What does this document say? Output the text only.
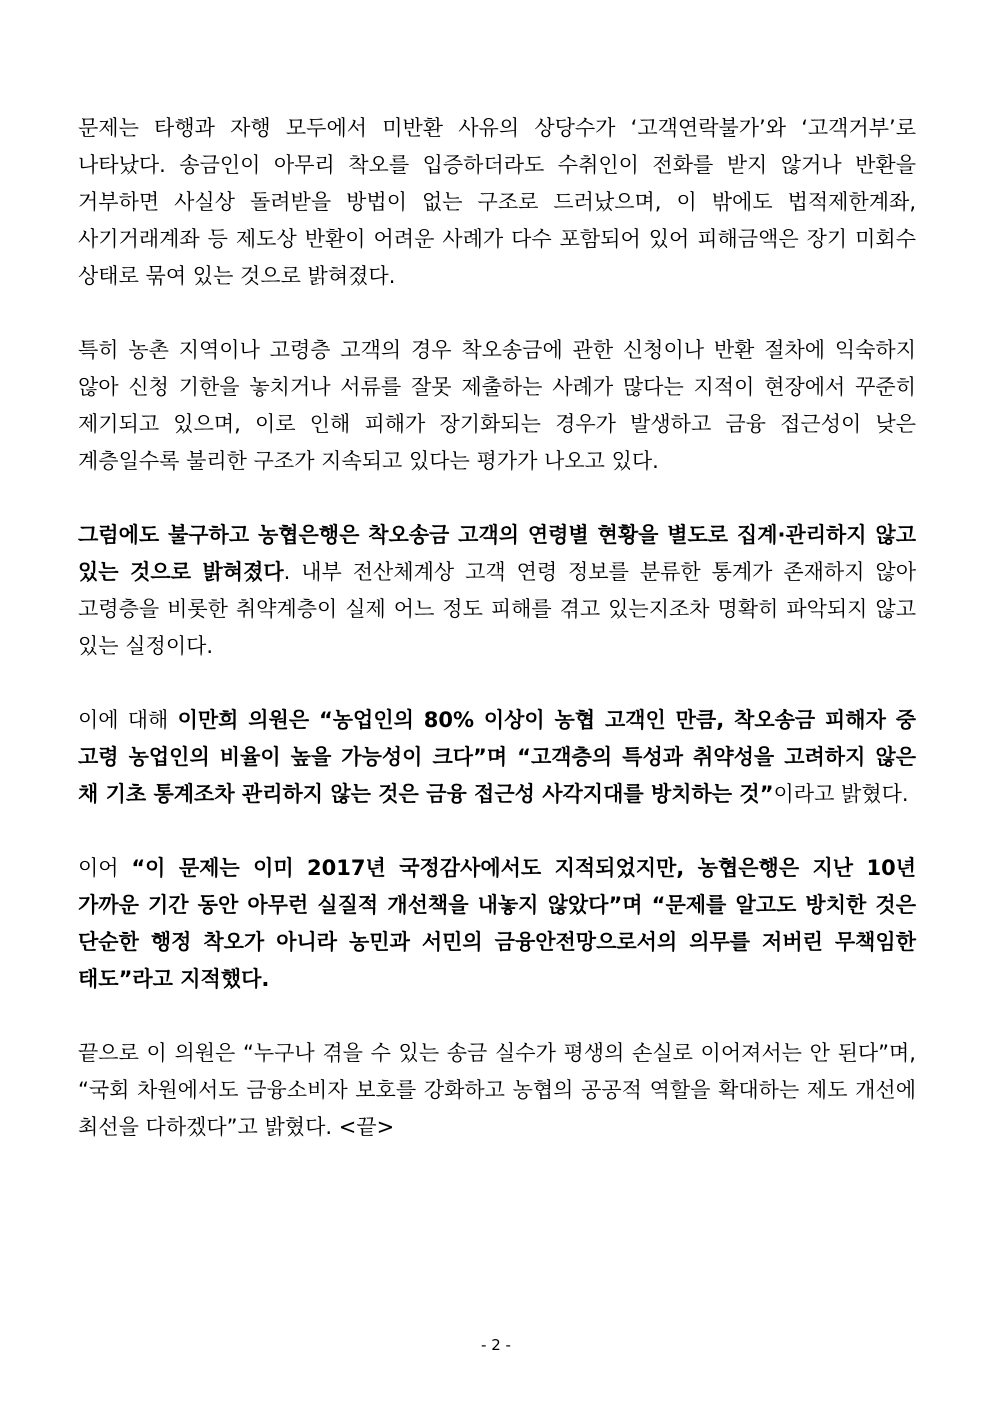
문제는 타행과 자행 모두에서 미반환 사유의 상당수가 ‘고객연락불가’와 ‘고객거부’로 나타났다. 송금인이 아무리 착오를 입증하더라도 수취인이 전화를 받지 않거나 반환을 거부하면 사실상 돌려받을 방법이 없는 구조로 드러났으며, 이 밖에도 법적제한계좌, 사기거래계좌 등 제도상 반환이 어려운 사례가 다수 포함되어 있어 피해금액은 장기 미회수 상태로 묶여 있는 것으로 밝혀졌다.

특히 농촌 지역이나 고령층 고객의 경우 착오송금에 관한 신청이나 반환 절차에 익숙하지 않아 신청 기한을 놓치거나 서류를 잘못 제출하는 사례가 많다는 지적이 현장에서 꾸준히 제기되고 있으며, 이로 인해 피해가 장기화되는 경우가 발생하고 금융 접근성이 낮은 계층일수록 불리한 구조가 지속되고 있다는 평가가 나오고 있다.

그럼에도 불구하고 농협은행은 착오송금 고객의 연령별 현황을 별도로 집계·관리하지 않고 있는 것으로 밝혀졌다. 내부 전산체계상 고객 연령 정보를 분류한 통계가 존재하지 않아 고령층을 비롯한 취약계층이 실제 어느 정도 피해를 겪고 있는지조차 명확히 파악되지 않고 있는 실정이다.

이에 대해 이만희 의원은 “농업인의 80% 이상이 농협 고객인 만큼, 착오송금 피해자 중 고령 농업인의 비율이 높을 가능성이 크다”며 “고객층의 특성과 취약성을 고려하지 않은 채 기초 통계조차 관리하지 않는 것은 금융 접근성 사각지대를 방치하는 것”이라고 밝혔다.

이어 “이 문제는 이미 2017년 국정감사에서도 지적되었지만, 농협은행은 지난 10년 가까운 기간 동안 아무런 실질적 개선책을 내놓지 않았다”며 “문제를 알고도 방치한 것은 단순한 행정 착오가 아니라 농민과 서민의 금융안전망으로서의 의무를 저버린 무책임한 태도”라고 지적했다.

끝으로 이 의원은 “누구나 겪을 수 있는 송금 실수가 평생의 손실로 이어져서는 안 된다”며, “국회 차원에서도 금융소비자 보호를 강화하고 농협의 공공적 역할을 확대하는 제도 개선에 최선을 다하겠다”고 밝혔다. <끝>

- 2 -
